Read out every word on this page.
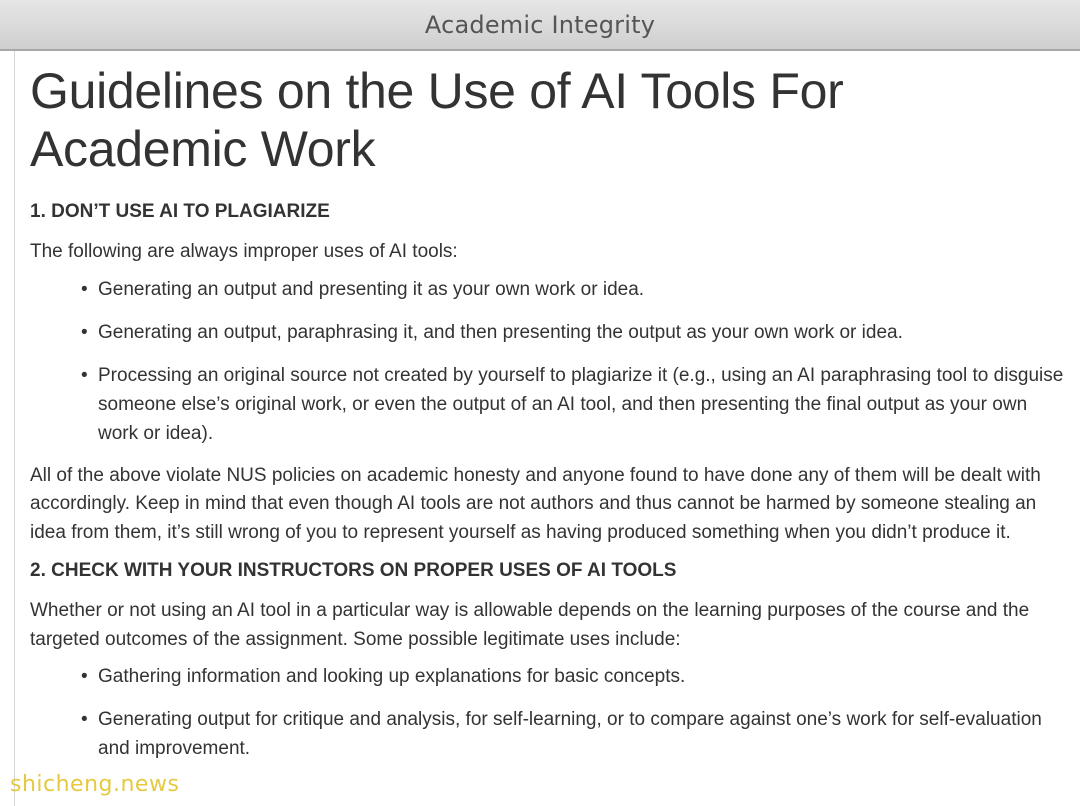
Academic Integrity
Guidelines on the Use of AI Tools For Academic Work
1. DON’T USE AI TO PLAGIARIZE

The following are always improper uses of AI tools:

• Generating an output and presenting it as your own work or idea.
• Generating an output, paraphrasing it, and then presenting the output as your own work or idea.
• Processing an original source not created by yourself to plagiarize it (e.g., using an AI paraphrasing tool to disguise someone else’s original work, or even the output of an AI tool, and then presenting the final output as your own work or idea).

All of the above violate NUS policies on academic honesty and anyone found to have done any of them will be dealt with accordingly. Keep in mind that even though AI tools are not authors and thus cannot be harmed by someone stealing an idea from them, it’s still wrong of you to represent yourself as having produced something when you didn’t produce it.

2. CHECK WITH YOUR INSTRUCTORS ON PROPER USES OF AI TOOLS

Whether or not using an AI tool in a particular way is allowable depends on the learning purposes of the course and the targeted outcomes of the assignment. Some possible legitimate uses include:

• Gathering information and looking up explanations for basic concepts.
• Generating output for critique and analysis, for self-learning, or to compare against one’s work for self-evaluation and improvement.
shicheng.news
